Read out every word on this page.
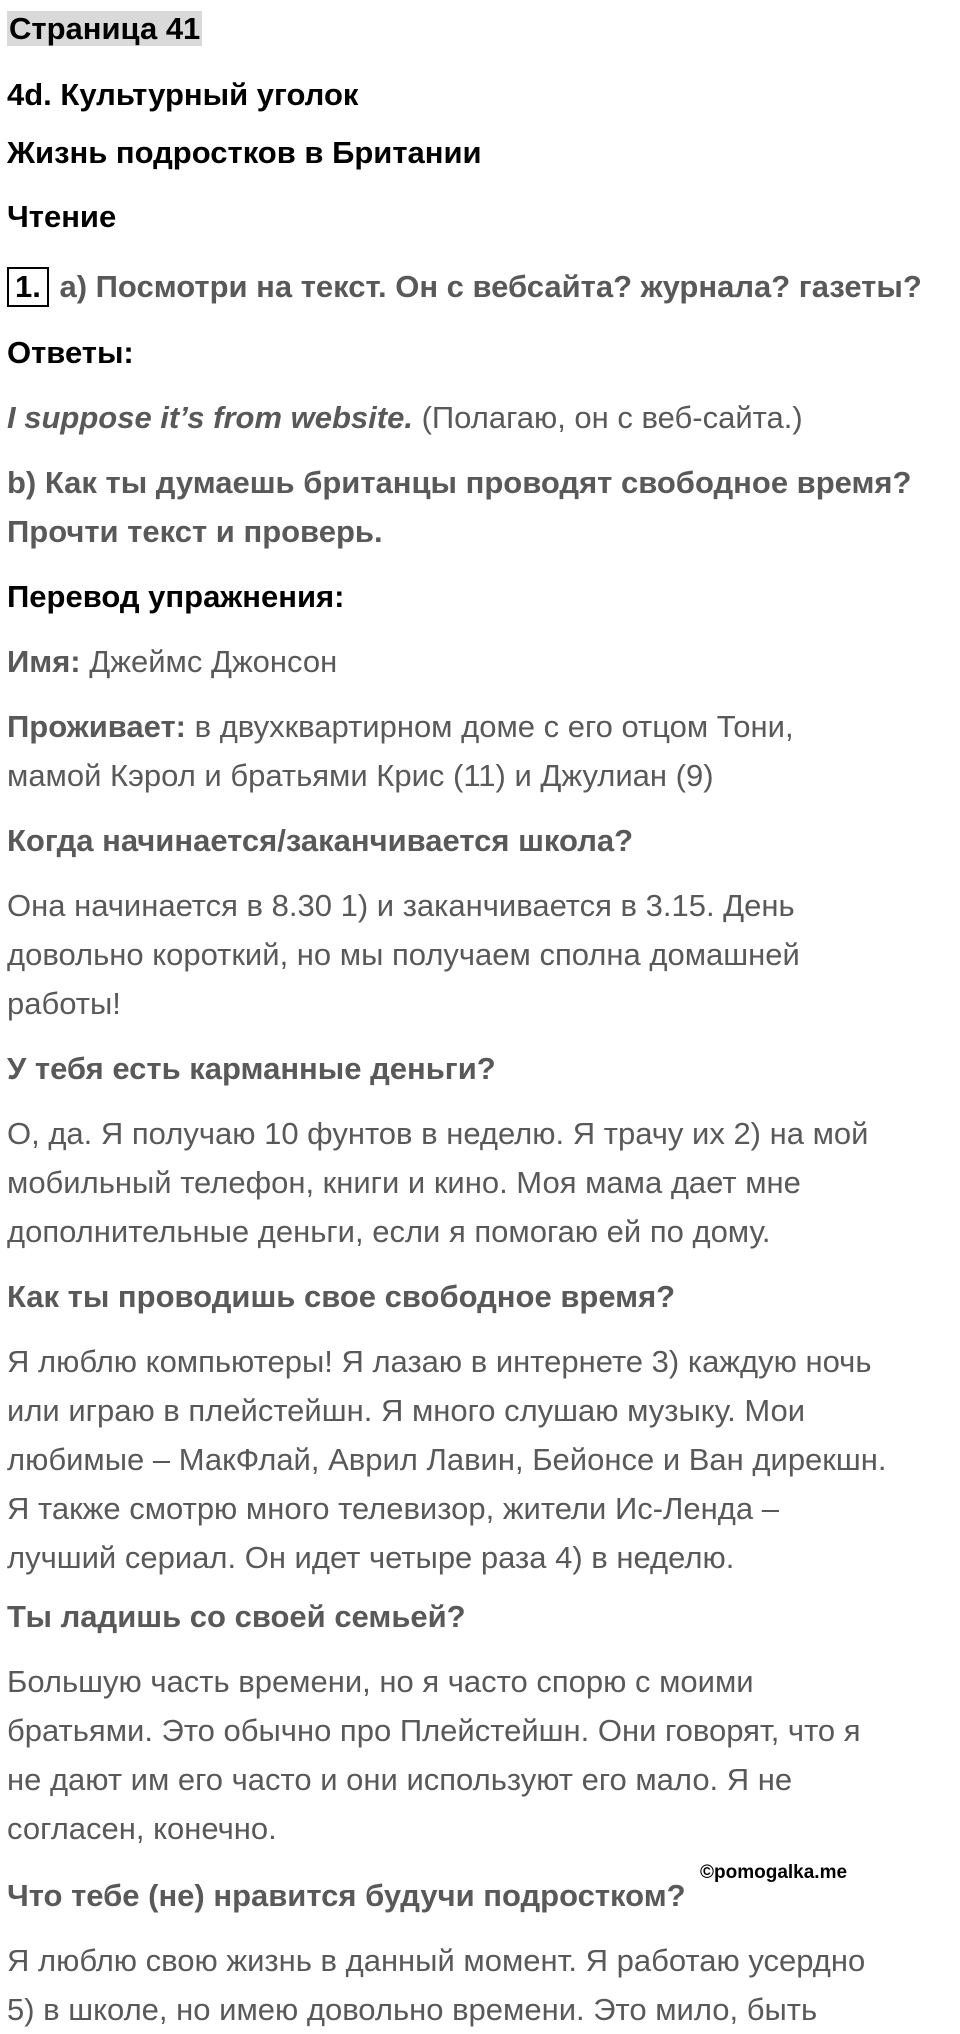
Страница 41

4d. Культурный уголок

Жизнь подростков в Британии

Чтение

1. a) Посмотри на текст. Он с вебсайта? журнала? газеты?

Ответы:

I suppose it’s from website. (Полагаю, он с веб-сайта.)

b) Как ты думаешь британцы проводят свободное время?

Прочти текст и проверь.

Перевод упражнения:

Имя: Джеймс Джонсон

Проживает: в двухквартирном доме с его отцом Тони,

мамой Кэрол и братьями Крис (11) и Джулиан (9)

Когда начинается/заканчивается школа?

Она начинается в 8.30 1) и заканчивается в 3.15. День

довольно короткий, но мы получаем сполна домашней

работы!

У тебя есть карманные деньги?

О, да. Я получаю 10 фунтов в неделю. Я трачу их 2) на мой

мобильный телефон, книги и кино. Моя мама дает мне

дополнительные деньги, если я помогаю ей по дому.

Как ты проводишь свое свободное время?

Я люблю компьютеры! Я лазаю в интернете 3) каждую ночь

или играю в плейстейшн. Я много слушаю музыку. Мои

любимые – МакФлай, Аврил Лавин, Бейонсе и Ван дирекшн.

Я также смотрю много телевизор, жители Ис-Ленда –

лучший сериал. Он идет четыре раза 4) в неделю.

Ты ладишь со своей семьей?

Большую часть времени, но я часто спорю с моими

братьями. Это обычно про Плейстейшн. Они говорят, что я

не дают им его часто и они используют его мало. Я не

согласен, конечно.

Что тебе (не) нравится будучи подростком?

Я люблю свою жизнь в данный момент. Я работаю усердно

5) в школе, но имею довольно времени. Это мило, быть

©pomogalka.me
